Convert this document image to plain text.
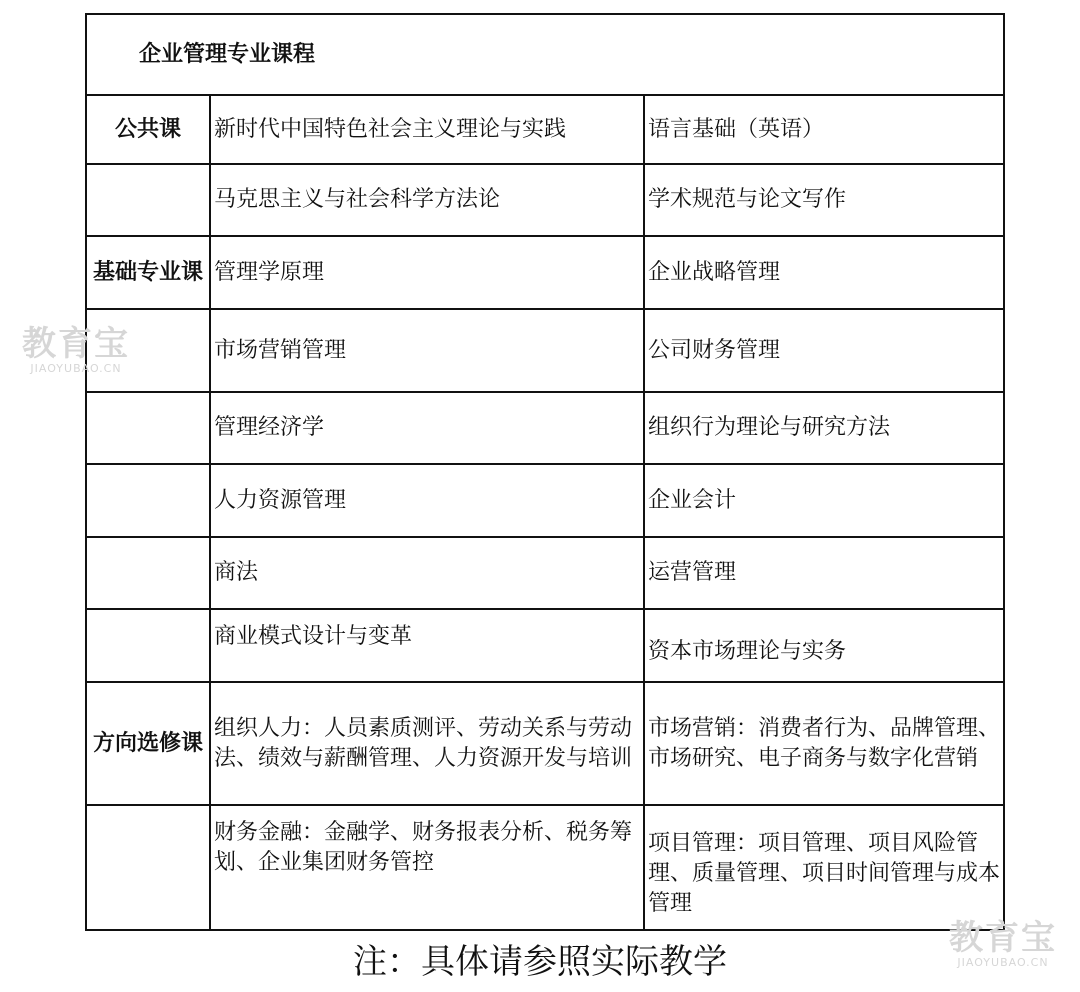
企业管理专业课程		
公共课	新时代中国特色社会主义理论与实践	语言基础（英语）
	马克思主义与社会科学方法论	学术规范与论文写作
基础专业课	管理学原理	企业战略管理
	市场营销管理	公司财务管理
	管理经济学	组织行为理论与研究方法
	人力资源管理	企业会计
	商法	运营管理
	商业模式设计与变革	资本市场理论与实务
方向选修课	组织人力：人员素质测评、劳动关系与劳动法、绩效与薪酬管理、人力资源开发与培训	市场营销：消费者行为、品牌管理、市场研究、电子商务与数字化营销
	财务金融：金融学、财务报表分析、税务筹划、企业集团财务管控	项目管理：项目管理、项目风险管理、质量管理、项目时间管理与成本管理
注：具体请参照实际教学
教育宝
JIAOYUBAO.CN
教育宝
JIAOYUBAO.CN
